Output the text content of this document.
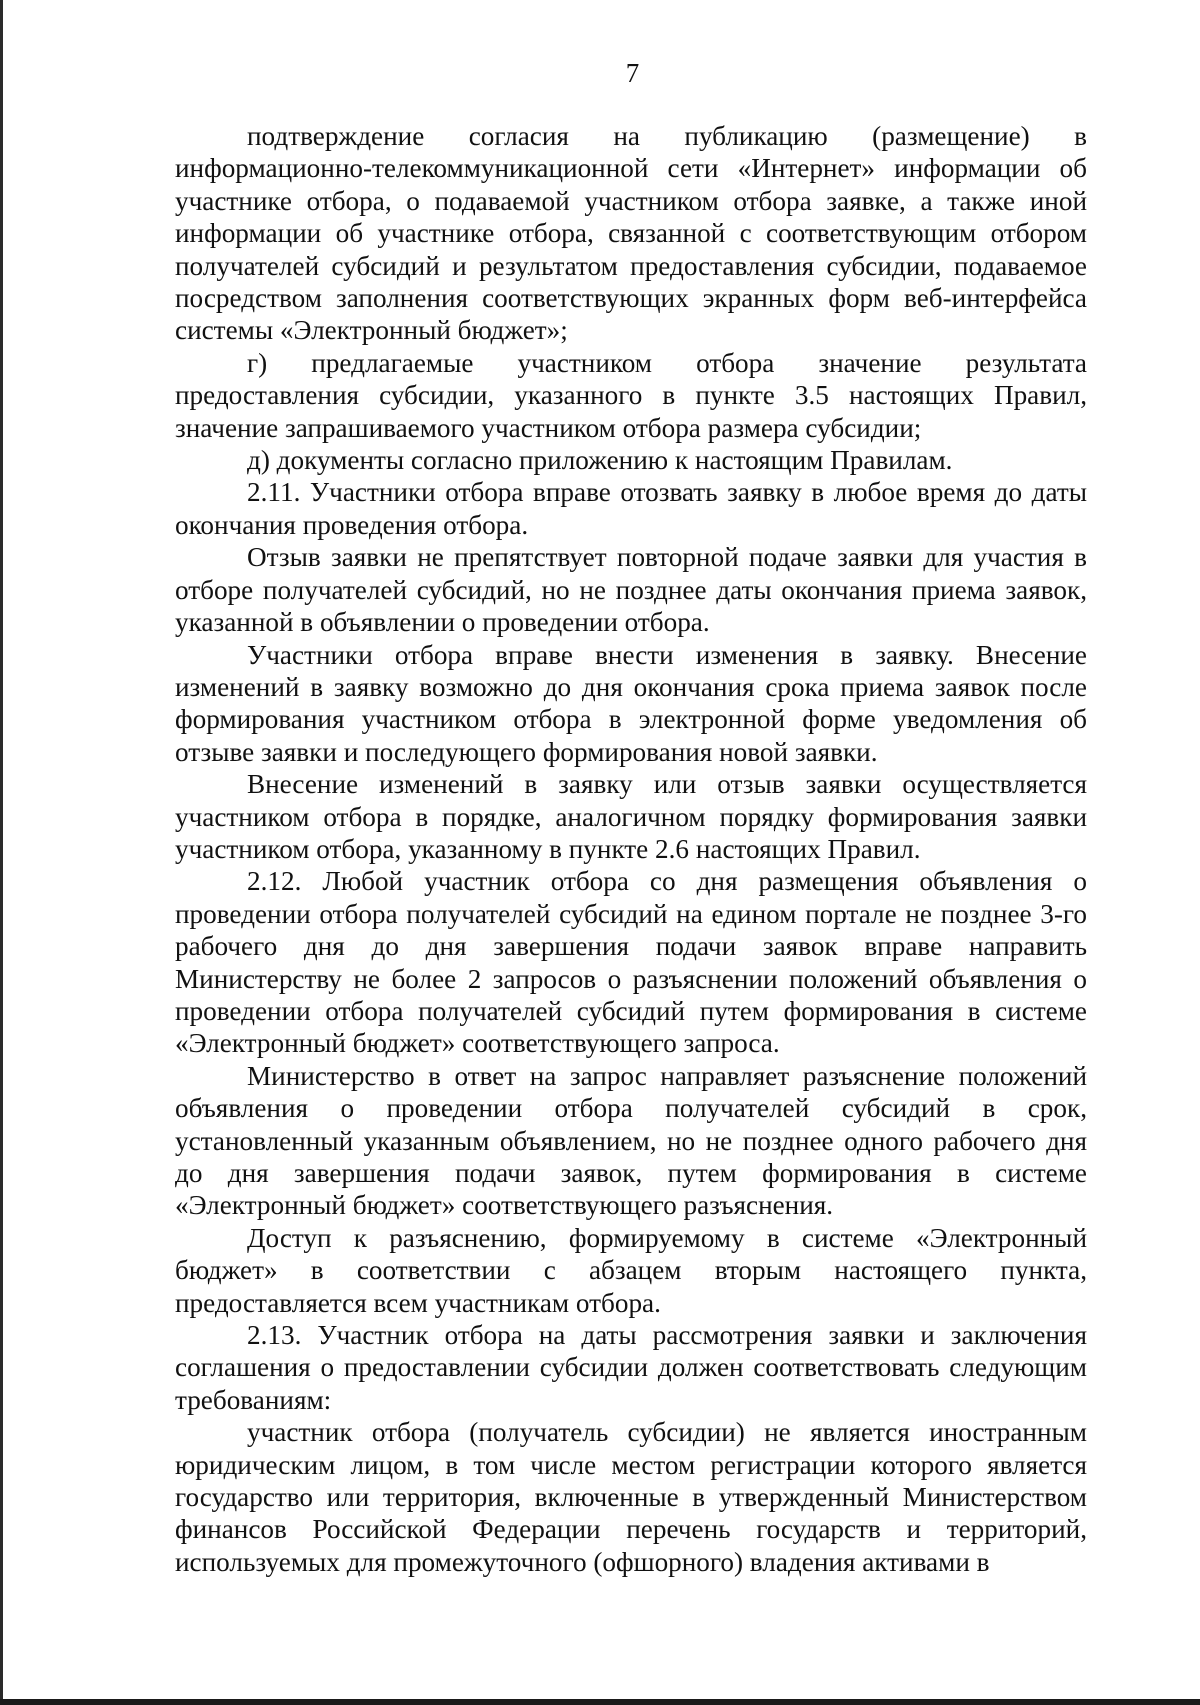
7

подтверждение согласия на публикацию (размещение) в информационно-телекоммуникационной сети «Интернет» информации об участнике отбора, о подаваемой участником отбора заявке, а также иной информации об участнике отбора, связанной с соответствующим отбором получателей субсидий и результатом предоставления субсидии, подаваемое посредством заполнения соответствующих экранных форм веб-интерфейса системы «Электронный бюджет»;

г) предлагаемые участником отбора значение результата предоставления субсидии, указанного в пункте 3.5 настоящих Правил, значение запрашиваемого участником отбора размера субсидии;

д) документы согласно приложению к настоящим Правилам.

2.11. Участники отбора вправе отозвать заявку в любое время до даты окончания проведения отбора.

Отзыв заявки не препятствует повторной подаче заявки для участия в отборе получателей субсидий, но не позднее даты окончания приема заявок, указанной в объявлении о проведении отбора.

Участники отбора вправе внести изменения в заявку. Внесение изменений в заявку возможно до дня окончания срока приема заявок после формирования участником отбора в электронной форме уведомления об отзыве заявки и последующего формирования новой заявки.

Внесение изменений в заявку или отзыв заявки осуществляется участником отбора в порядке, аналогичном порядку формирования заявки участником отбора, указанному в пункте 2.6 настоящих Правил.

2.12. Любой участник отбора со дня размещения объявления о проведении отбора получателей субсидий на едином портале не позднее 3-го рабочего дня до дня завершения подачи заявок вправе направить Министерству не более 2 запросов о разъяснении положений объявления о проведении отбора получателей субсидий путем формирования в системе «Электронный бюджет» соответствующего запроса.

Министерство в ответ на запрос направляет разъяснение положений объявления о проведении отбора получателей субсидий в срок, установленный указанным объявлением, но не позднее одного рабочего дня до дня завершения подачи заявок, путем формирования в системе «Электронный бюджет» соответствующего разъяснения.

Доступ к разъяснению, формируемому в системе «Электронный бюджет» в соответствии с абзацем вторым настоящего пункта, предоставляется всем участникам отбора.

2.13. Участник отбора на даты рассмотрения заявки и заключения соглашения о предоставлении субсидии должен соответствовать следующим требованиям:

участник отбора (получатель субсидии) не является иностранным юридическим лицом, в том числе местом регистрации которого является государство или территория, включенные в утвержденный Министерством финансов Российской Федерации перечень государств и территорий, используемых для промежуточного (офшорного) владения активами в
